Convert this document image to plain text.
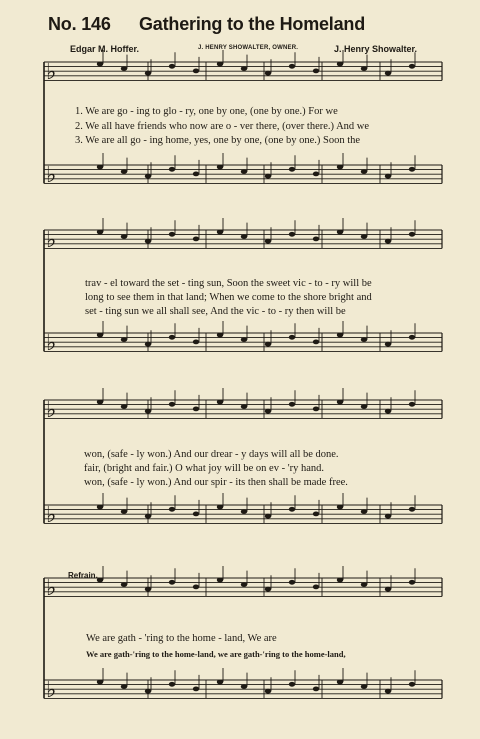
No. 146 Gathering to the Homeland
Edgar M. Hoffer.	J. HENRY SHOWALTER, OWNER.	J. Henry Showalter.
♭
♭
♭
♭
♭
♭
♭
♭
1. We are go - ing to glo - ry, one by one, (one by one.) For we
2. We all have friends who now are o - ver there, (over there.) And we
3. We are all go - ing home, yes, one by one, (one by one.) Soon the
trav - el toward the set - ting sun, Soon the sweet vic - to - ry will be
long to see them in that land; When we come to the shore bright and
set - ting sun we all shall see, And the vic - to - ry then will be
won, (safe - ly won.) And our drear - y days will all be done.
fair, (bright and fair.) O what joy will be on ev - 'ry hand.
won, (safe - ly won.) And our spir - its then shall be made free.
Refrain.
We are gath - 'ring to the home - land, We are
We are gath-'ring to the home-land, we are gath-'ring to the home-land,
